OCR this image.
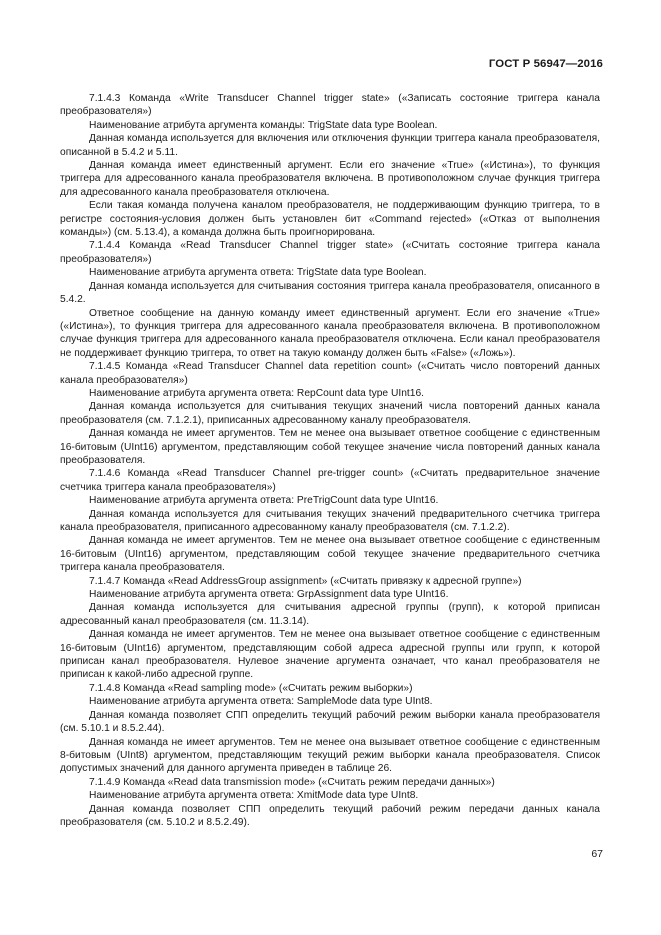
ГОСТ Р 56947—2016

7.1.4.3 Команда «Write Transducer Channel trigger state» («Записать состояние триггера канала преобразователя»)

Наименование атрибута аргумента команды: TrigState data type Boolean.

Данная команда используется для включения или отключения функции триггера канала преобразователя, описанной в 5.4.2 и 5.11.

Данная команда имеет единственный аргумент. Если его значение «True» («Истина»), то функция триггера для адресованного канала преобразователя включена. В противоположном случае функция триггера для адресованного канала преобразователя отключена.

Если такая команда получена каналом преобразователя, не поддерживающим функцию триггера, то в регистре состояния-условия должен быть установлен бит «Command rejected» («Отказ от выполнения команды») (см. 5.13.4), а команда должна быть проигнорирована.

7.1.4.4 Команда «Read Transducer Channel trigger state» («Считать состояние триггера канала преобразователя»)

Наименование атрибута аргумента ответа: TrigState data type Boolean.

Данная команда используется для считывания состояния триггера канала преобразователя, описанного в 5.4.2.

Ответное сообщение на данную команду имеет единственный аргумент. Если его значение «True» («Истина»), то функция триггера для адресованного канала преобразователя включена. В противоположном случае функция триггера для адресованного канала преобразователя отключена. Если канал преобразователя не поддерживает функцию триггера, то ответ на такую команду должен быть «False» («Ложь»).

7.1.4.5 Команда «Read Transducer Channel data repetition count» («Считать число повторений данных канала преобразователя»)

Наименование атрибута аргумента ответа: RepCount data type UInt16.

Данная команда используется для считывания текущих значений числа повторений данных канала преобразователя (см. 7.1.2.1), приписанных адресованному каналу преобразователя.

Данная команда не имеет аргументов. Тем не менее она вызывает ответное сообщение с единственным 16-битовым (UInt16) аргументом, представляющим собой текущее значение числа повторений данных канала преобразователя.

7.1.4.6 Команда «Read Transducer Channel pre-trigger count» («Считать предварительное значение счетчика триггера канала преобразователя»)

Наименование атрибута аргумента ответа: PreTrigCount data type UInt16.

Данная команда используется для считывания текущих значений предварительного счетчика триггера канала преобразователя, приписанного адресованному каналу преобразователя (см. 7.1.2.2).

Данная команда не имеет аргументов. Тем не менее она вызывает ответное сообщение с единственным 16-битовым (UInt16) аргументом, представляющим собой текущее значение предварительного счетчика триггера канала преобразователя.

7.1.4.7 Команда «Read AddressGroup assignment» («Считать привязку к адресной группе»)

Наименование атрибута аргумента ответа: GrpAssignment data type UInt16.

Данная команда используется для считывания адресной группы (групп), к которой приписан адресованный канал преобразователя (см. 11.3.14).

Данная команда не имеет аргументов. Тем не менее она вызывает ответное сообщение с единственным 16-битовым (UInt16) аргументом, представляющим собой адреса адресной группы или групп, к которой приписан канал преобразователя. Нулевое значение аргумента означает, что канал преобразователя не приписан к какой-либо адресной группе.

7.1.4.8 Команда «Read sampling mode» («Считать режим выборки»)

Наименование атрибута аргумента ответа: SampleMode data type UInt8.

Данная команда позволяет СПП определить текущий рабочий режим выборки канала преобразователя (см. 5.10.1 и 8.5.2.44).

Данная команда не имеет аргументов. Тем не менее она вызывает ответное сообщение с единственным 8-битовым (UInt8) аргументом, представляющим текущий режим выборки канала преобразователя. Список допустимых значений для данного аргумента приведен в таблице 26.

7.1.4.9 Команда «Read data transmission mode» («Считать режим передачи данных»)

Наименование атрибута аргумента ответа: XmitMode data type UInt8.

Данная команда позволяет СПП определить текущий рабочий режим передачи данных канала преобразователя (см. 5.10.2 и 8.5.2.49).

67
